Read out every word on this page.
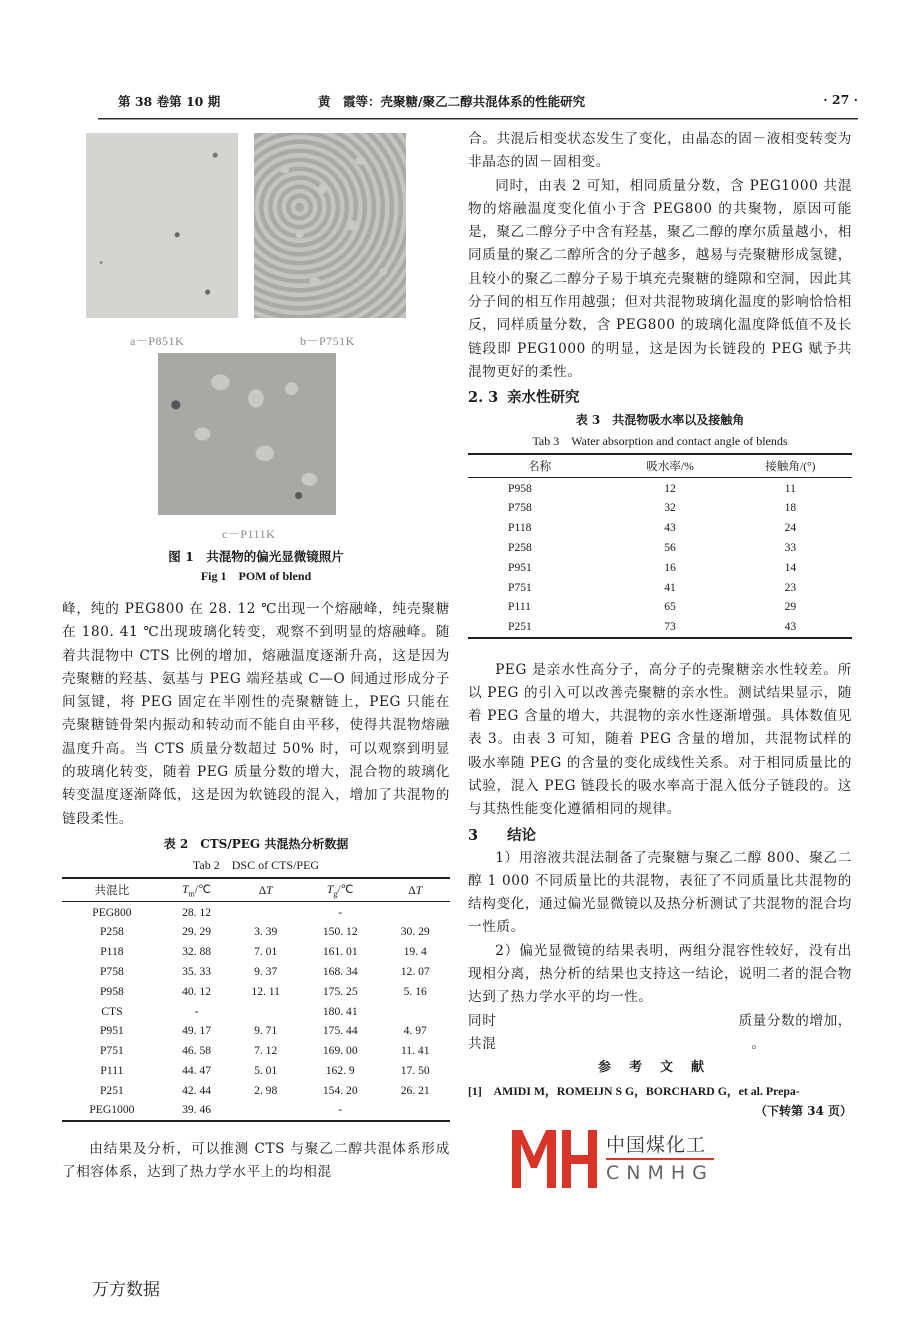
第 38 卷第 10 期	黄　霞等：壳聚糖/聚乙二醇共混体系的性能研究	· 27 ·
a－P851K	b－P751K
c－P111K
图 1　共混物的偏光显微镜照片
Fig 1　POM of blend

峰，纯的 PEG800 在 28. 12 ℃出现一个熔融峰，纯壳聚糖在 180. 41 ℃出现玻璃化转变，观察不到明显的熔融峰。随着共混物中 CTS 比例的增加，熔融温度逐渐升高，这是因为壳聚糖的羟基、氨基与 PEG 端羟基或 C—O 间通过形成分子间氢键，将 PEG 固定在半刚性的壳聚糖链上，PEG 只能在壳聚糖链骨架内振动和转动而不能自由平移，使得共混物熔融温度升高。当 CTS 质量分数超过 50% 时，可以观察到明显的玻璃化转变，随着 PEG 质量分数的增大，混合物的玻璃化转变温度逐渐降低，这是因为软链段的混入，增加了共混物的链段柔性。

表 2　CTS/PEG 共混热分析数据
Tab 2　DSC of CTS/PEG
共混比	$T_m/℃$	ΔT	$T_g/℃$	ΔT
PEG800	28. 12		-	
P258	29. 29	3. 39	150. 12	30. 29
P118	32. 88	7. 01	161. 01	19. 4
P758	35. 33	9. 37	168. 34	12. 07
P958	40. 12	12. 11	175. 25	5. 16
CTS	-		180. 41	
P951	49. 17	9. 71	175. 44	4. 97
P751	46. 58	7. 12	169. 00	11. 41
P111	44. 47	5. 01	162. 9	17. 50
P251	42. 44	2. 98	154. 20	26. 21
PEG1000	39. 46		-	

由结果及分析，可以推测 CTS 与聚乙二醇共混体系形成了相容体系，达到了热力学水平上的均相混

合。共混后相变状态发生了变化，由晶态的固－液相变转变为非晶态的固－固相变。

同时，由表 2 可知，相同质量分数，含 PEG1000 共混物的熔融温度变化值小于含 PEG800 的共聚物，原因可能是，聚乙二醇分子中含有羟基，聚乙二醇的摩尔质量越小，相同质量的聚乙二醇所含的分子越多，越易与壳聚糖形成氢键，且较小的聚乙二醇分子易于填充壳聚糖的缝隙和空洞，因此其分子间的相互作用越强；但对共混物玻璃化温度的影响恰恰相反，同样质量分数，含 PEG800 的玻璃化温度降低值不及长链段即 PEG1000 的明显，这是因为长链段的 PEG 赋予共混物更好的柔性。

2. 3 亲水性研究
表 3　共混物吸水率以及接触角
Tab 3　Water absorption and contact angle of blends
名称	吸水率/%	接触角/(°)
P958	12	11
P758	32	18
P118	43	24
P258	56	33
P951	16	14
P751	41	23
P111	65	29
P251	73	43

PEG 是亲水性高分子，高分子的壳聚糖亲水性较差。所以 PEG 的引入可以改善壳聚糖的亲水性。测试结果显示，随着 PEG 含量的增大，共混物的亲水性逐渐增强。具体数值见表 3。由表 3 可知，随着 PEG 含量的增加，共混物试样的吸水率随 PEG 的含量的变化成线性关系。对于相同质量比的试验，混入 PEG 链段长的吸水率高于混入低分子链段的。这与其热性能变化遵循相同的规律。

3 结论

1）用溶液共混法制备了壳聚糖与聚乙二醇 800、聚乙二醇 1 000 不同质量比的共混物，表征了不同质量比共混物的结构变化，通过偏光显微镜以及热分析测试了共混物的混合均一性质。

2）偏光显微镜的结果表明，两组分混容性较好，没有出现相分离，热分析的结果也支持这一结论，说明二者的混合物达到了热力学水平的均一性。

同时	质量分数的增加，

共混	。

参考文献

[1]　AMIDI M，ROMEIJN S G，BORCHARD G，et al. Prepa-
（下转第 34 页）
中国煤化工
CNMHG
万方数据
